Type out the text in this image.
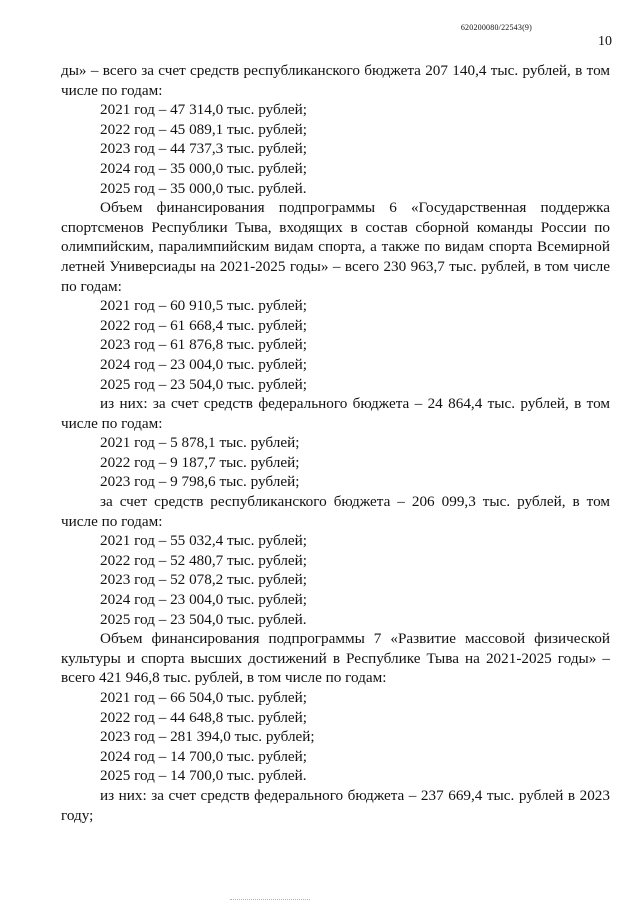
620200080/22543(9)
10
ды» – всего за счет средств республиканского бюджета 207 140,4 тыс. рублей, в том числе по годам:
2021 год – 47 314,0 тыс. рублей;
2022 год – 45 089,1 тыс. рублей;
2023 год – 44 737,3 тыс. рублей;
2024 год – 35 000,0 тыс. рублей;
2025 год – 35 000,0 тыс. рублей.
Объем финансирования подпрограммы 6 «Государственная поддержка спортсменов Республики Тыва, входящих в состав сборной команды России по олимпийским, паралимпийским видам спорта, а также по видам спорта Всемирной летней Универсиады на 2021-2025 годы» – всего 230 963,7 тыс. рублей, в том числе по годам:
2021 год – 60 910,5 тыс. рублей;
2022 год – 61 668,4 тыс. рублей;
2023 год – 61 876,8 тыс. рублей;
2024 год – 23 004,0 тыс. рублей;
2025 год – 23 504,0 тыс. рублей;
из них: за счет средств федерального бюджета – 24 864,4 тыс. рублей, в том числе по годам:
2021 год – 5 878,1 тыс. рублей;
2022 год – 9 187,7 тыс. рублей;
2023 год – 9 798,6 тыс. рублей;
за счет средств республиканского бюджета – 206 099,3 тыс. рублей, в том числе по годам:
2021 год – 55 032,4 тыс. рублей;
2022 год – 52 480,7 тыс. рублей;
2023 год – 52 078,2 тыс. рублей;
2024 год – 23 004,0 тыс. рублей;
2025 год – 23 504,0 тыс. рублей.
Объем финансирования подпрограммы 7 «Развитие массовой физической культуры и спорта высших достижений в Республике Тыва на 2021-2025 годы» – всего 421 946,8 тыс. рублей, в том числе по годам:
2021 год – 66 504,0 тыс. рублей;
2022 год – 44 648,8 тыс. рублей;
2023 год – 281 394,0 тыс. рублей;
2024 год – 14 700,0 тыс. рублей;
2025 год – 14 700,0 тыс. рублей.
из них: за счет средств федерального бюджета – 237 669,4 тыс. рублей в 2023 году;
